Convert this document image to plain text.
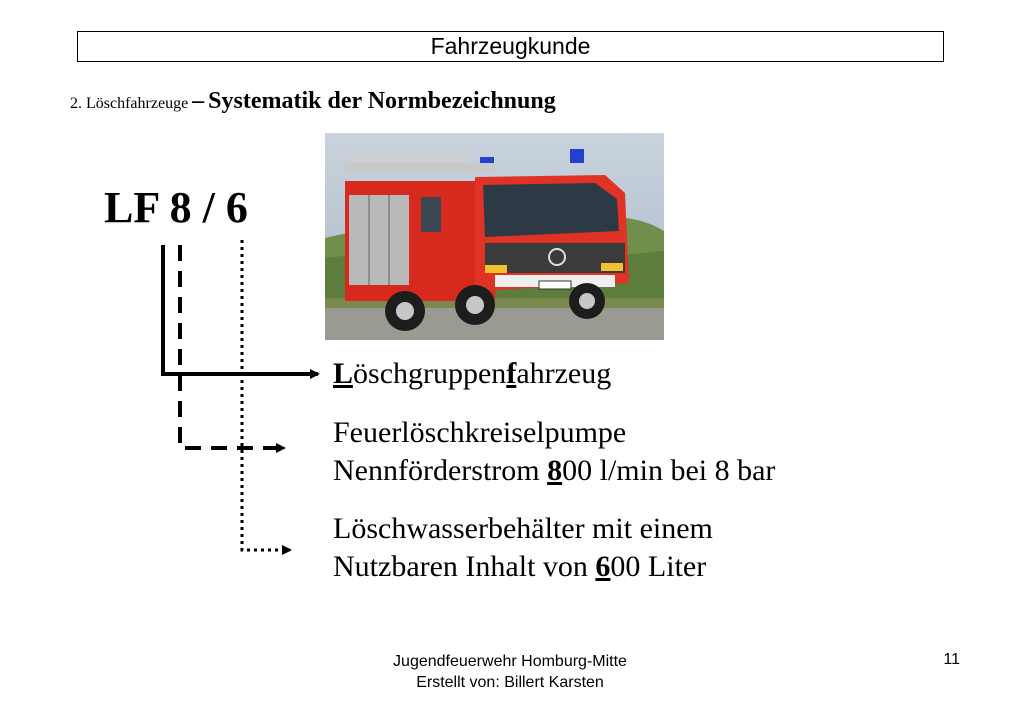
Fahrzeugkunde
2. Löschfahrzeuge – Systematik der Normbezeichnung
LF 8 / 6
Löschgruppenfahrzeug
Feuerlöschkreiselpumpe
Nennförderstrom 800 l/min bei 8 bar
Löschwasserbehälter mit einem
Nutzbaren Inhalt von 600 Liter
Jugendfeuerwehr Homburg-Mitte
Erstellt von: Billert Karsten
11
